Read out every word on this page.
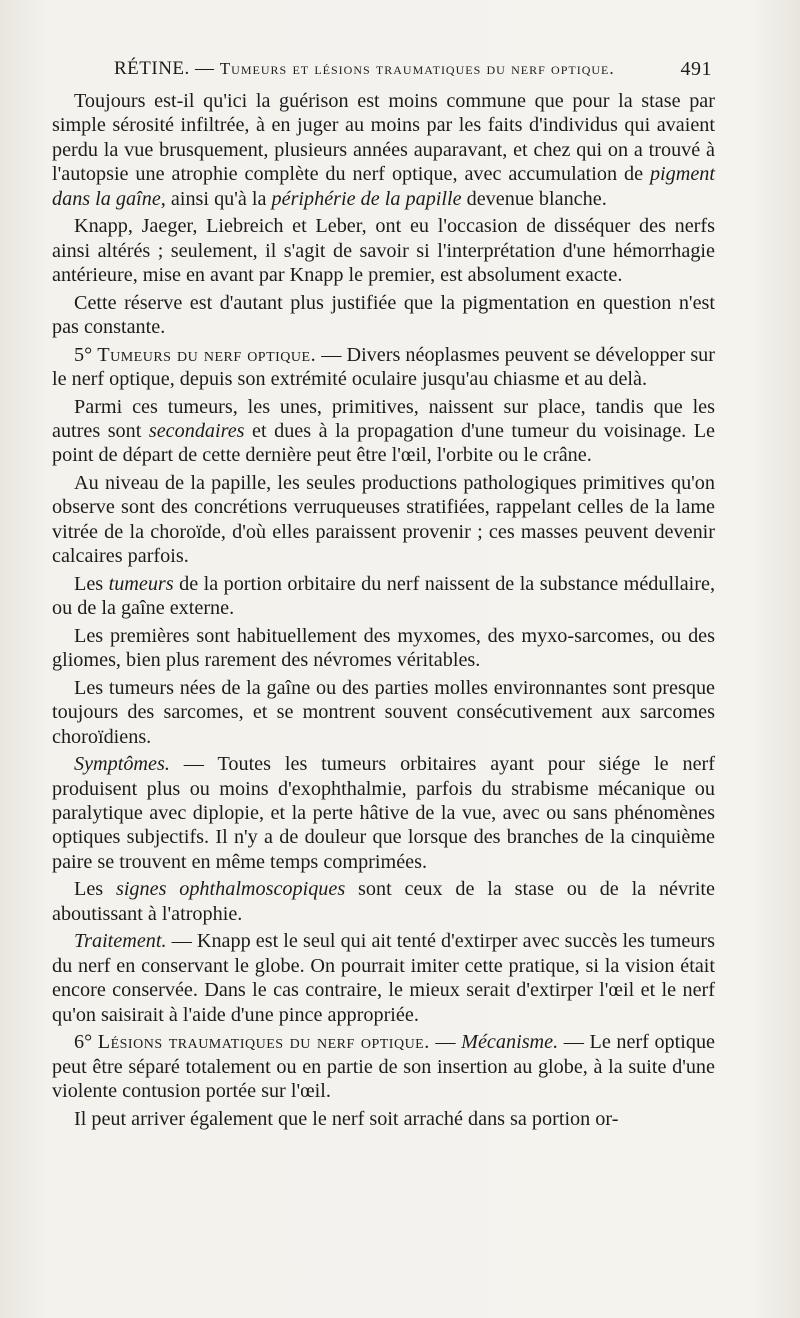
RÉTINE. — Tumeurs et lésions traumatiques du nerf optique.	491

Toujours est-il qu'ici la guérison est moins commune que pour la stase par simple sérosité infiltrée, à en juger au moins par les faits d'individus qui avaient perdu la vue brusquement, plusieurs années auparavant, et chez qui on a trouvé à l'autopsie une atrophie complète du nerf optique, avec accumulation de pigment dans la gaîne, ainsi qu'à la périphérie de la papille devenue blanche.

Knapp, Jaeger, Liebreich et Leber, ont eu l'occasion de disséquer des nerfs ainsi altérés ; seulement, il s'agit de savoir si l'interprétation d'une hémorrhagie antérieure, mise en avant par Knapp le premier, est absolument exacte.

Cette réserve est d'autant plus justifiée que la pigmentation en question n'est pas constante.

5° Tumeurs du nerf optique. — Divers néoplasmes peuvent se développer sur le nerf optique, depuis son extrémité oculaire jusqu'au chiasme et au delà.

Parmi ces tumeurs, les unes, primitives, naissent sur place, tandis que les autres sont secondaires et dues à la propagation d'une tumeur du voisinage. Le point de départ de cette dernière peut être l'œil, l'orbite ou le crâne.

Au niveau de la papille, les seules productions pathologiques primitives qu'on observe sont des concrétions verruqueuses stratifiées, rappelant celles de la lame vitrée de la choroïde, d'où elles paraissent provenir ; ces masses peuvent devenir calcaires parfois.

Les tumeurs de la portion orbitaire du nerf naissent de la substance médullaire, ou de la gaîne externe.

Les premières sont habituellement des myxomes, des myxo-sarcomes, ou des gliomes, bien plus rarement des névromes véritables.

Les tumeurs nées de la gaîne ou des parties molles environnantes sont presque toujours des sarcomes, et se montrent souvent consécutivement aux sarcomes choroïdiens.

Symptômes. — Toutes les tumeurs orbitaires ayant pour siége le nerf produisent plus ou moins d'exophthalmie, parfois du strabisme mécanique ou paralytique avec diplopie, et la perte hâtive de la vue, avec ou sans phénomènes optiques subjectifs. Il n'y a de douleur que lorsque des branches de la cinquième paire se trouvent en même temps comprimées.

Les signes ophthalmoscopiques sont ceux de la stase ou de la névrite aboutissant à l'atrophie.

Traitement. — Knapp est le seul qui ait tenté d'extirper avec succès les tumeurs du nerf en conservant le globe. On pourrait imiter cette pratique, si la vision était encore conservée. Dans le cas contraire, le mieux serait d'extirper l'œil et le nerf qu'on saisirait à l'aide d'une pince appropriée.

6° Lésions traumatiques du nerf optique. — Mécanisme. — Le nerf optique peut être séparé totalement ou en partie de son insertion au globe, à la suite d'une violente contusion portée sur l'œil.

Il peut arriver également que le nerf soit arraché dans sa portion or-
